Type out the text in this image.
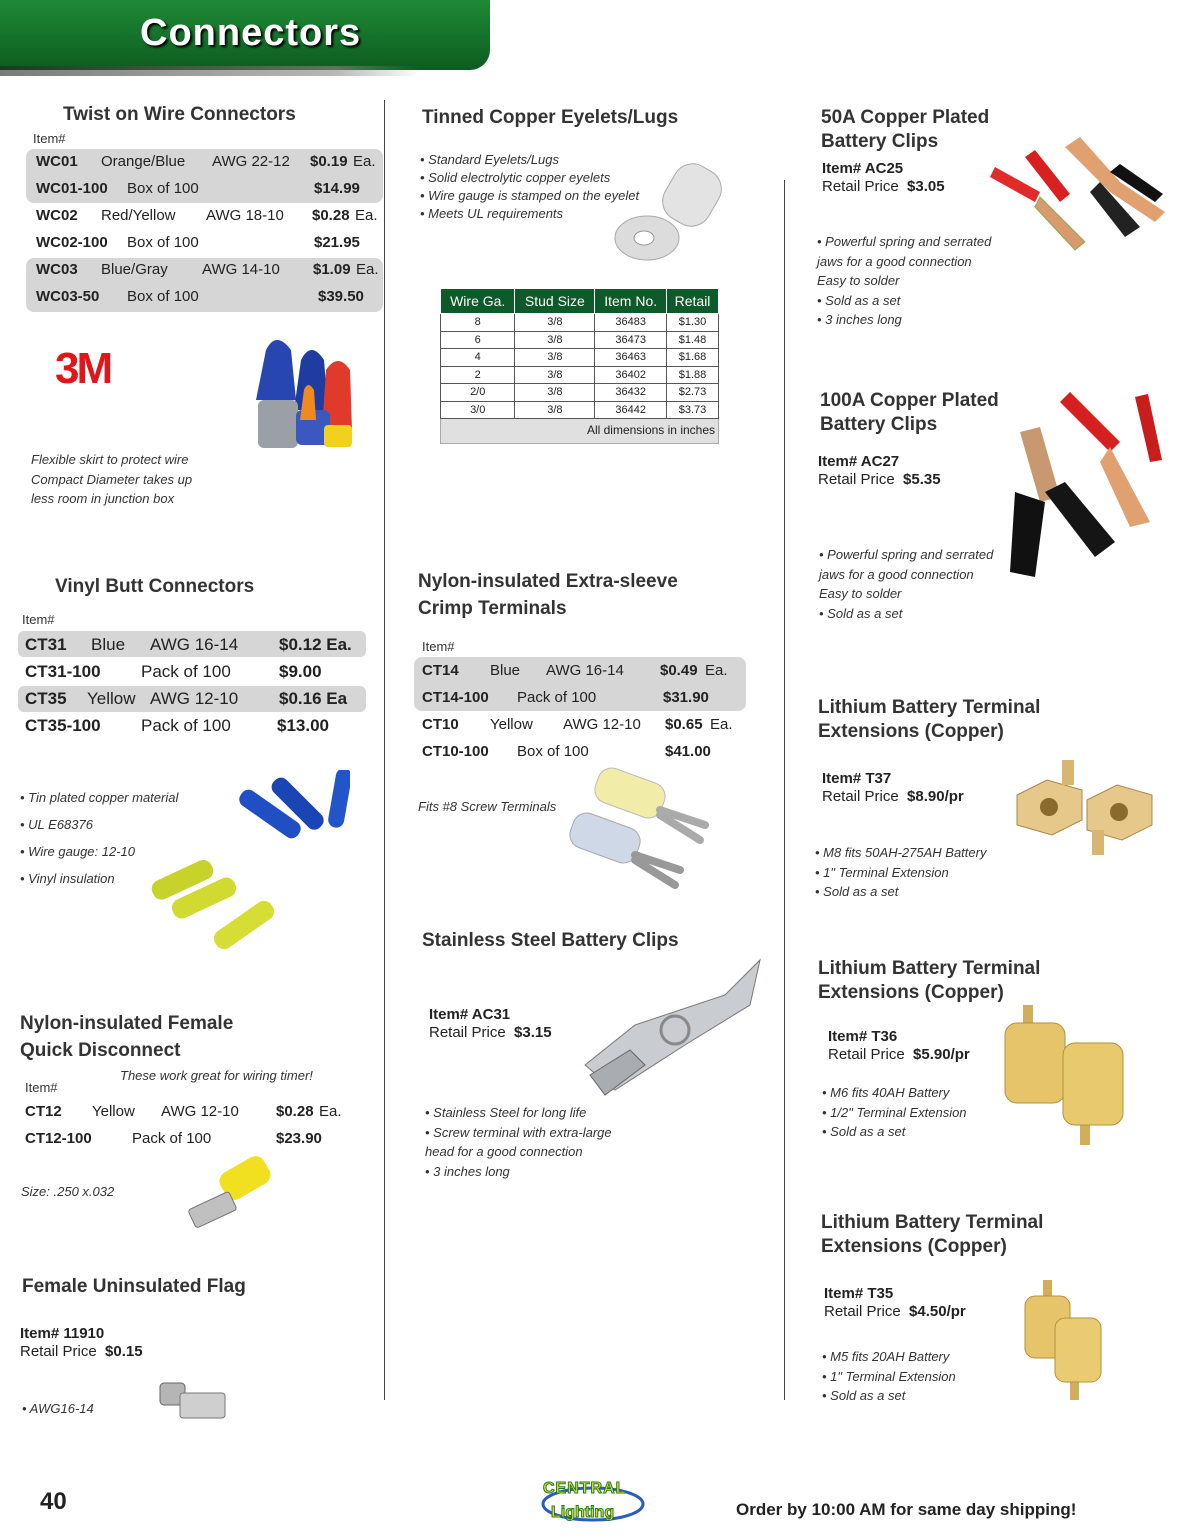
Connectors
Twist on Wire Connectors
Item#
WC01 Orange/Blue AWG 22-12 $0.19 Ea.
WC01-100 Box of 100	$14.99
WC02 Red/Yellow AWG 18-10 $0.28 Ea.
WC02-100 Box of 100	$21.95
WC03 Blue/Gray AWG 14-10 $1.09 Ea.
WC03-50 Box of 100	$39.50
3M
Flexible skirt to protect wire
Compact Diameter takes up
less room in junction box
Vinyl Butt Connectors
Item#
CT31 Blue AWG 16-14 $0.12 Ea.
CT31-100 Pack of 100	$9.00
CT35 Yellow AWG 12-10 $0.16 Ea
CT35-100 Pack of 100	$13.00
• Tin plated copper material
• UL E68376
• Wire gauge: 12-10
• Vinyl insulation
Nylon-insulated Female
Quick Disconnect
These work great for wiring timer!
Item#
CT12 Yellow AWG 12-10 $0.28 Ea.
CT12-100	Pack of 100	$23.90
Size: .250 x.032
Female Uninsulated Flag
Item# 11910
Retail Price $0.15
• AWG16-14
Tinned Copper Eyelets/Lugs
• Standard Eyelets/Lugs
• Solid electrolytic copper eyelets
• Wire gauge is stamped on the eyelet
• Meets UL requirements
Wire Ga.	Stud Size	Item No.	Retail
8	3/8	36483	$1.30
6	3/8	36473	$1.48
4	3/8	36463	$1.68
2	3/8	36402	$1.88
2/0	3/8	36432	$2.73
3/0	3/8	36442	$3.73
All dimensions in inches
Nylon-insulated Extra-sleeve
Crimp Terminals
Item#
CT14 Blue AWG 16-14 $0.49 Ea.
CT14-100 Pack of 100	$31.90
CT10 Yellow AWG 12-10 $0.65 Ea.
CT10-100 Box of 100	$41.00
Fits #8 Screw Terminals
Stainless Steel Battery Clips
Item# AC31
Retail Price $3.15
• Stainless Steel for long life
• Screw terminal with extra-large
head for a good connection
• 3 inches long
50A Copper Plated
Battery Clips
Item# AC25
Retail Price $3.05
• Powerful spring and serrated
jaws for a good connection
Easy to solder
• Sold as a set
• 3 inches long
100A Copper Plated
Battery Clips
Item# AC27
Retail Price $5.35
• Powerful spring and serrated
jaws for a good connection
Easy to solder
• Sold as a set
Lithium Battery Terminal
Extensions (Copper)
Item# T37
Retail Price $8.90/pr
• M8 fits 50AH-275AH Battery
• 1" Terminal Extension
• Sold as a set
Lithium Battery Terminal
Extensions (Copper)
Item# T36
Retail Price $5.90/pr
• M6 fits 40AH Battery
• 1/2" Terminal Extension
• Sold as a set
Lithium Battery Terminal
Extensions (Copper)
Item# T35
Retail Price $4.50/pr
• M5 fits 20AH Battery
• 1" Terminal Extension
• Sold as a set
40	CENTRAL
Lighting	Order by 10:00 AM for same day shipping!
